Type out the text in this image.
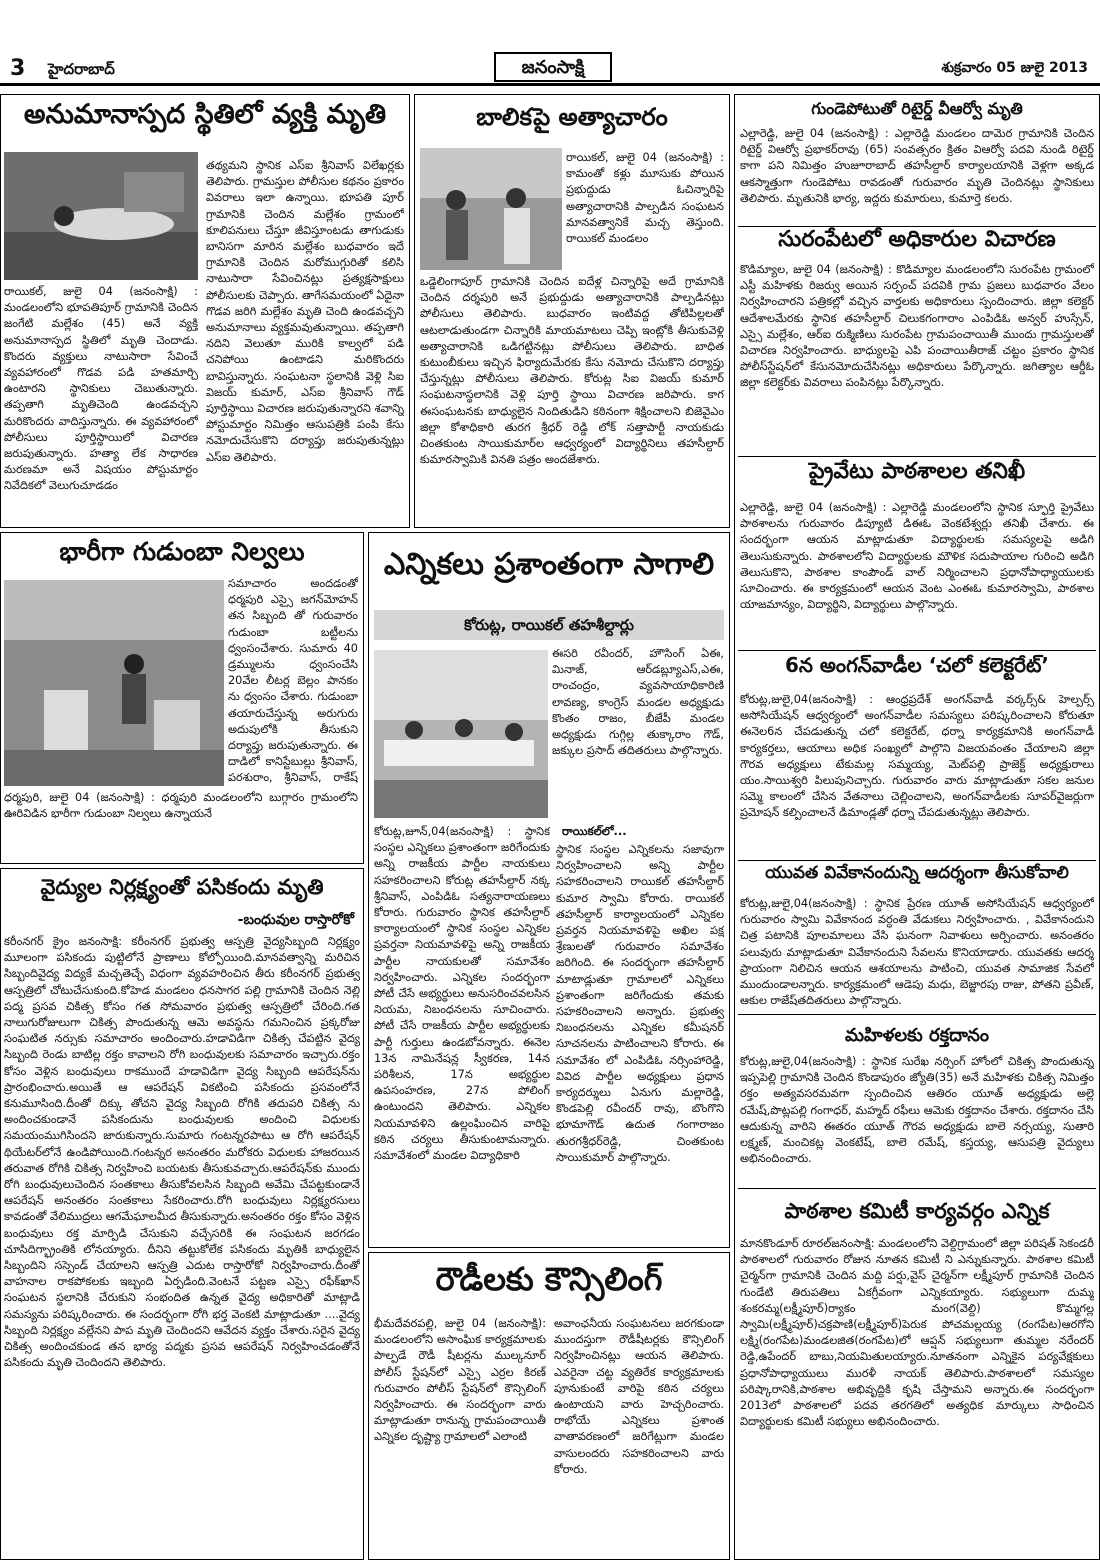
3 హైదరాబాద్	జనంసాక్షి	శుక్రవారం 05 జులై 2013
అనుమానాస్పద స్థితిలో వ్యక్తి మృతి
రాయికల్, జులై 04 (జనంసాక్షి) : మండలంలోని భూపతిపూర్ గ్రామానికి చెందిన జంగేటి మల్లేశం (45) అనే వ్యక్తి అనుమానాస్పద స్థితిలో మృతి చెందాడు. కొందరు వ్యక్తులు నాటుసారా సేవించే వ్యవహారంలో గొడవ పడి హతమార్చి ఉంటారని స్థానికులు చెబుతున్నారు. తప్పతాగి మృతిచెంది ఉండవచ్చని మరికొందరు వాదిస్తున్నారు. ఈ వ్యవహారంలో పోలీసులు పూర్తిస్థాయిలో విచారణ జరుపుతున్నారు. హత్యా లేక సాధారణ మరణమా అనే విషయం పోస్టుమార్టం నివేదికలో వెలుగుచూడడం
తథ్యమని స్థానిక ఎస్‌ఐ శ్రీనివాస్ విలేఖర్లకు తెలిపారు. గ్రామస్తుల పోలీసుల కథనం ప్రకారం వివరాలు ఇలా ఉన్నాయి. భూపతి పూర్ గ్రామానికి చెందిన మల్లేశం గ్రామంలో కూలిపనులు చేస్తూ జీవిస్తూంటడు తాగుడుకు బానిసగా మారిన మల్లేశం బుధవారం ఇదే గ్రామానికి చెందిన మరోముగ్గురితో కలిసి నాటుసారా సేవించినట్లు ప్రత్యక్షసాక్షులు పోలీసులకు చెప్పారు. తాగేసమయంలో ఏదైనా గొడవ జరిగి మల్లేశం మృతి చెంది ఉండవచ్చని అనుమానాలు వ్యక్తమవుతున్నాయి. తప్పతాగి నదిని వెలుతూ మురికి కాల్వలో పడి చనిపోయి ఉంటాడని మరికొందరు బావిస్తున్నారు. సంఘటనా స్థలానికి వెళ్లి సిఐ విజయ్ కుమార్, ఎస్‌ఐ శ్రీనివాస్ గౌడ్ పూర్తిస్థాయి విచారణ జరుపుతున్నారని శవాన్ని పోస్టుమార్టం నిమిత్తం ఆసుపత్రికి పంపి కేసు నమోదుచేసుకొని దర్యాప్తు జరుపుతున్నట్లు ఎస్‌ఐ తెలిపారు.
బాలికపై అత్యాచారం
రాయికల్, జులై 04 (జనంసాక్షి) : కామంతో కళ్లు మూసుకు పోయిన ప్రభుద్దుడు ఓచిన్నారిపై అత్యాచారానికి పాల్పడిన సంఘటన మానవత్వానికే మచ్చ తెస్తుంది. రాయికల్ మండలం
ఒడ్డెలింగాపూర్ గ్రామానికి చెందిన ఐదేళ్ల చిన్నారిపై అదే గ్రామానికి చెందిన దర్శపురి అనే ప్రభుద్దుడు అత్యాచారానికి పాల్పడినట్లు పోలీసులు తెలిపారు. బుధవారం ఇంటివద్ద తోటిపిల్లలతో ఆటలాడుతుండగా చిన్నారికి మాయమాటలు చెప్పి ఇంట్లోకి తీసుకువెళ్లి అత్యాచారానికి ఒడిగట్టినట్లు పోలీసులు తెలిపారు. బాధిత కుటుంబీకులు ఇచ్చిన ఫిర్యాదుమేరకు కేసు నమోదు చేసుకొని దర్యాప్తు చేస్తున్నట్లు పోలీసులు తెలిపారు. కోరుట్ల సిఐ విజయ్ కుమార్ సంఘటనాస్థలానికి వెళ్లి పూర్తి స్థాయి విచారణ జరిపారు. కాగ ఈసంఘటనకు బాధ్యులైన నిందితుడిని కఠినంగా శిక్షించాలని బిజెవైఎం జిల్లా కోశాధికారి తురగ శ్రీధర్ రెడ్డి లోక్ సత్తాపార్టీ నాయకుడు చింతకుంట సాయికుమార్‌ల ఆధ్వర్యంలో విద్యార్థినిలు తహసీల్దార్ కుమారస్వామికి వినతి పత్రం అందజేశారు.
గుండెపోటుతో రిటైర్డ్ వీఆర్వో మృతి
ఎల్లారెడ్డి, జులై 04 (జనంసాక్షి) : ఎల్లారెడ్డి మండలం దామెర గ్రామానికి చెందిన రిటైర్డ్ విఆర్వో ప్రభాకర్‌రావు (65) సంవత్సరం క్రితం విఆర్వో పదవి నుండి రిటైర్డ్ కాగా పని నిమిత్తం హుజూరాబాద్ తహసీల్దార్ కార్యాలయానికి వెళ్లగా అక్కడ ఆకస్మాత్తుగా గుండెపోటు రావడంతో గురువారం మృతి చెందినట్లు స్థానికులు తెలిపారు. మృతునికి భార్య, ఇద్దరు కుమారులు, కుమార్తె కలరు.
సురంపేటలో అధికారుల విచారణ
కొడిమ్యాల, జులై 04 (జనంసాక్షి) : కొడిమ్యాల మండలంలోని సురంపేట గ్రామంలో ఎస్టీ మహిళకు రిజర్వు అయిన సర్పంచ్ పదవికి గ్రామ ప్రజలు బుధవారం వేలం నిర్వహించారని పత్రికల్లో వచ్చిన వార్తలకు అధికారులు స్పందించారు. జిల్లా కలెక్టర్ ఆదేశాలమేరకు స్థానిక తహసీల్దార్ చిలుకగంగారాం ఎంపిడిఓ అన్వర్ హుస్సేన్, ఎస్సై మల్లేశం, ఆర్ఐ రుక్మిణిలు సురంపేట గ్రామపంచాయితీ ముందు గ్రామస్తులతో విచారణ నిర్వహించారు. బాధ్యులపై ఎపి పంచాయితీరాజ్ చట్టం ప్రకారం స్థానిక పోలీస్‌స్టేషన్‌లో కేసునమోదుచేసినట్లు అధికారులు పేర్కొన్నారు. జగిత్యాల ఆర్డీఓ జిల్లా కలెక్టర్‌కు వివరాలు పంపినట్లు పేర్కొన్నారు.
ప్రైవేటు పాఠశాలల తనిఖీ
ఎల్లారెడ్డి, జులై 04 (జనంసాక్షి) : ఎల్లారెడ్డి మండలంలోని స్థానిక స్ఫూర్తి ప్రైవేటు పాఠశాలను గురువారం డిప్యూటి డిఈఓ వెంకటేశ్వర్లు తనిఖీ చేశారు. ఈ సందర్భంగా ఆయన మాట్లాడుతూ విద్యార్థులకు సమస్యలపై అడిగి తెలుసుకున్నారు. పాఠశాలలోని విద్యార్థులకు మౌళిక సదుపాయాల గురించి అడిగి తెలుసుకొని, పాఠశాల కాంపౌండ్ వాల్ నిర్మించాలని ప్రధానోపాధ్యాయులకు సూచించారు. ఈ కార్యక్రమంలో ఆయన వెంట ఎంఈఓ కుమారస్వామి, పాఠశాల యాజమాన్యం, విద్యార్థిని, విద్యార్థులు పాల్గొన్నారు.
6న అంగన్‌వాడీల ‘చలో కలెక్టరేట్’
కోరుట్ల,జులై,04(జనంసాక్షి) : ఆంధ్రప్రదేశ్ అంగన్‌వాడీ వర్కర్స్& హెల్పర్స్ అసోసియేషన్ ఆధ్వర్యంలో అంగన్‌వాడీల సమస్యలు పరిష్కరించాలని కోరుతూ ఈనెల6న చేపడుతున్న చలో కలెక్టరేట్, ధర్నా కార్యక్రమానికి అంగన్‌వాడీ కార్యకర్తలు, ఆయాలు అధిక సంఖ్యలో పాల్గొని విజయవంతం చేయాలని జిల్లా గౌరవ అధ్యక్షులు టేకుమల్ల సమ్మయ్య, మెట్‌పల్లి ప్రాజెక్ట్ అధ్యక్షురాలు యం.సాయిశ్వరి పిలుపునిచ్చారు. గురువారం వారు మాట్లాడుతూ సకల జనుల సమ్మె కాలంలో చేసిన వేతనాలు చెల్లించాలని, అంగన్‌వాడీలకు సూపర్‌వైజర్లుగా ప్రమోషన్ కల్పించాలనే డిమాండ్లతో ధర్నా చేపడుతున్నట్లు తెలిపారు.
యువత వివేకానందున్ని ఆదర్శంగా తీసుకోవాలి
కోరుట్ల,జులై,04(జనంసాక్షి) : స్థానిక ప్రేరణ యూత్ అసోసియేషన్ ఆధ్వర్యంలో గురువారం స్వామి వివేకానంద వర్ధంతి వేడుకలు నిర్వహించారు. , వివేకానందుని చిత్ర పటానికి పూలమాలలు వేసి ఘనంగా నివాళులు అర్పించారు. అనంతరం పలువురు మాట్లాడుతూ వివేకానందుని సేవలను కొనియాడారు. యువతకు ఆదర్శ ప్రాయంగా నిలిచిన ఆయన ఆశయాలను పాటించి, యువత సామాజిక సేవలో ముందుండాలన్నారు. కార్యక్రమంలో ఆడెపు మధు, బెజ్జారపు రాజు, పోతని ప్రవీణ్, ఆకుల రాజేష్‌తదితరులు పాల్గొన్నారు.
మహిళలకు రక్తదానం
కోరుట్ల,జులై,04(జనంసాక్షి) : స్థానిక సురేఖ నర్సింగ్ హోంలో చికిత్స పొందుతున్న ఇప్పపెల్లి గ్రామానికి చెందిన కొండాపురం జ్యోతి(35) అనే మహిళకు చికిత్స నిమిత్తం రక్తం అత్యవసరమవగా స్పందించిన ఆతిరం యూత్ అధ్యక్షుడు అల్లె రమేష్,పొట్లపల్లి గంగాధర్, మహ్మద్ రఫీలు ఆమెకు రక్తదానం చేశారు. రక్తదానం చేసి ఆదుకున్న వారిని ఈతరం యూత్ గౌరవ అధ్యక్షుడు బాలె నర్సయ్య, సుతారి లక్ష్మణ్, మంచికట్ల వెంకటేష్, బాలె రమేష్, కస్తయ్య, ఆసుపత్రి వైద్యులు అభినందించారు.
పాఠశాల కమిటీ కార్యవర్గం ఎన్నిక
మానకొండూర్ రూరల్‌జనంసాక్షి: మండలంలోని వెల్దిగ్రామంలో జిల్లా పరిషత్ సెకండరీ పాఠశాలలో గురువారం రోజున నూతన కమిటీ ని ఎన్నుకున్నారు. పాఠశాల కమిటీ చైర్మన్‌గా గ్రామానికి చెందిన మద్ది పర్షు,వైస్ చైర్మన్‌గా లక్ష్మీపూర్ గ్రామానికి చెందిన గుండేటి తిరుపతిలు ఏకగ్రీవంగా ఎన్నికయ్యారు. సభ్యులుగా దుమ్మ శంకరమ్మ(లక్ష్మీపూర్)ర్యాకం మంగ(వెల్ది) కొమ్మగల్ల స్వామి(లక్ష్మీపూర్)చక్రపాణి(లక్ష్మీపూర్)పెరుక పోచమల్లయ్య (రంగపేట)ఆరగోని లక్ష్మి(రంగపేట)మండలజిత(రంగపేట)లో ఆప్షన్ సభ్యులుగా తుమ్మల నరేందర్ రెడ్డి,ఉపేందర్ బాబు,నియమితులయ్యారు.నూతనంగా ఎన్నికైన పర్యవేక్షకులు ప్రధానోపాధ్యాయులు మురళీ నాయక్ తెలిపారు.పాఠశాలలో సమస్యల పరిష్కారానికి,పాఠశాల అభివృద్దికి కృషి చేస్తామని అన్నారు.ఈ సందర్భంగా 2013లో పాఠశాలలో పదవ తరగతిలో అత్యధిక మార్కులు సాధించిన విద్యార్థులకు కమిటీ సభ్యులు అభినందించారు.
భారీగా గుడుంబా నిల్వలు
సమాచారం అందడంతో ధర్మపురి ఎస్సై జగన్‌మోహన్ తన సిబ్బంది తో గురువారం గుడుంబా బట్టీలను ధ్వంసంచేశారు. సుమారు 40 డ్రమ్ములను ధ్వంసంచేసి 20వేల లీటర్ల బెల్లం పానకం ను ధ్వంసం చేశారు. గుడుంబా తయారుచేస్తున్న అరుగురు అదుపులోకి తీసుకుని దర్యాప్తు జరుపుతున్నారు. ఈ దాడిలో కానిస్టేబుల్లు శ్రీనివాస్, పరశురాం, శ్రీనివాస్, రాకేష్
ధర్మపురి, జులై 04 (జనంసాక్షి) : ధర్మపురి మండలంలోని బుగ్గారం గ్రామంలోని ఊరివిడిన భారీగా గుడుంబా నిల్వలు ఉన్నాయనే
వైద్యుల నిర్లక్ష్యంతో పసికందు మృతి
-బంధువుల రాస్తారోకో
కరీంనగర్ క్రైం జనంసాక్షి: కరీంనగర్ ప్రభుత్వ ఆస్పత్రి వైద్యసిబ్బంది నిర్లక్ష్యం మూలంగా పసికందు పుట్టిలోనే ప్రాణాలు కోల్పోయింది.మానవత్వాన్ని మరిచిన సిబ్బందివైద్య విద్యకే మచ్చతెచ్చే విధంగా వ్యవహరించిన తీరు కరీంనగర్ ప్రభుత్వ ఆస్పత్రిలో చోటుచేసుకుంది.కోహెడ మండలం ధనసాగర పల్లి గ్రామానికి చెందిన నెల్లి పద్మ ప్రసవ చికిత్స కోసం గత సోమవారం ప్రభుత్వ ఆస్పత్రిలో చేరింది.గత నాలుగురోజులుగా చికిత్స పొందుతున్న ఆమె అవస్థను గమనించిన ప్రక్కరోజు సంఘటిత నర్సుకు సమాచారం అందించారు.హడావిడిగా చికిత్స చేపట్టిన వైద్య సిబ్బంది రెండు బాటిల్ల రక్తం కావాలని రోగి బంధువులకు సమాచారం ఇచ్చారు.రక్తం కోసం వెళ్లిన బంధువులు రాకముందే హడావిడిగా వైద్య సిబ్బంది ఆపరేషన్‌ను ప్రారంభించారు.అయితే ఆ ఆపరేషన్ వికటించి పసికందు ప్రసవంలోనే కనుమూసింది.దీంతో దిక్కు తోచని వైద్య సిబ్బంది రోగికి తదుపరి చికిత్స ను అందించకుండానే పసికందును బంధువులకు అందించి విధులకు సమయంముగిసిందని జారుకున్నారు.సుమారు గంటన్నరపాటు ఆ రోగి ఆపరేషన్ థియేటర్‌లోనే ఉండిపోయింది.గంటన్నర అనంతరం మరోకరు విధులకు హాజరయిన తరువాత రోగికి చికిత్స నిర్వహించి బయటకు తీసుకువచ్చారు.ఆపరేషన్‌కు ముందు రోగి బంధువులుచెందిన సంతకాలు తీసుకోవలసిన సిబ్బంది అవేమి చేపట్టకుండానే ఆపరేషన్ అనంతరం సంతకాలు సేకరించారు.రోగి బంధువులు నిర్లక్ష్యరసులు కావడంతో వేలిముద్రలు ఆగమేఘాలమీద తీసుకున్నారు.అనంతరం రక్తం కోసం వెళ్లిన బంధువులు రక్త మార్పిడి చేసుకుని వచ్చేసరికి ఈ సంఘటన జరగడం చూసిదిగ్భ్రాంతికి లోనయ్యారు. దీనిని తట్టుకోలేక పసికందు మృతికి బాధ్యులైన సిబ్బందిని సస్పెండ్ చేయాలని ఆస్పత్రి ఎదుట రాస్తారోకో నిర్వహించారు.దీంతో వాహనాల రాకపోకలకు ఇబ్బంది ఏర్పడింది.వెంటనే పట్టణ ఎస్సై రఫీక్‌ఖాన్ సంఘటన స్థలానికి చేరుకుని సంభందిత ఉన్నత వైద్య అధికారితో మాట్లాడి సమస్యను పరిష్కరించారు. ఈ సందర్భంగా రోగి భర్త వెంకటి మాట్లాడుతూ ....వైద్య సిబ్బంది నిర్లక్ష్యం వల్లేనని పాప మృతి చెందిందని ఆవేదన వ్యక్తం చేశారు.సరైన వైద్య చికిత్స అందించకుండ తన భార్య పద్మకు ప్రసవ ఆపరేషన్ నిర్వహించడంతోనే పసికందు మృతి చెందిందని తెలిపారు.
ఎన్నికలు ప్రశాంతంగా సాగాలి
కోరుట్ల, రాయికల్ తహశీల్దార్లు
ఈసరి రవీందర్, హౌసింగ్ ఏఈ, మినాజ్, ఆర్‌డబ్ల్యూఎస్,ఎఈ, రాంచంద్రం, వ్యవసాయాధికారిణి లావణ్య, కాంగ్రెస్ మండల అధ్యక్షుడు కొంతం రాజం, బీజేపీ మండల అధ్యక్షుడు గుగ్గిల్ల తుక్కారాం గౌడ్, జక్కుల ప్రసాద్ తదితరులు పాల్గొన్నారు.
రాయికల్‌లో...
కోరుట్ల,జూన్,04(జనంసాక్షి) : స్థానిక సంస్థల ఎన్నికలు ప్రశాంతంగా జరిగేందుకు అన్ని రాజకీయ పార్టీల నాయకులు సహకరించాలని కోరుట్ల తహసీల్దార్ నక్క శ్రీనివాస్, ఎంపిడిఓ సత్యనారాయణలు కోరారు. గురువారం స్థానిక తహసీల్దార్ కార్యాలయంలో స్థానిక సంస్థల ఎన్నికల ప్రవర్తనా నియమావళిపై అన్ని రాజకీయ పార్టీల నాయకులతో సమావేశం నిర్వహించారు. ఎన్నికల సందర్భంగా పోటీ చేసే అభ్యర్థులు అనుసరించవలసిన నియమ, నిబంధనలను సూచించారు. పోటీ చేసే రాజకీయ పార్టీల అభ్యర్థులకు పార్టీ గుర్తులు ఉండబోవన్నారు. ఈనెల 13న నామినేషన్ల స్వీకరణ, 14న పరిశీలన, 17న అభ్యర్థుల ఉపసంహరణ, 27న పోలింగ్ ఉంటుందని తెలిపారు. ఎన్నికల నియమావళిని ఉల్లంఘించిన వారిపై కఠిన చర్యలు తీసుకుంటామన్నారు. సమావేశంలో మండల విద్యాధికారి
స్థానిక సంస్థల ఎన్నికలను సజావుగా నిర్వహించాలని అన్ని పార్టీల సహకరించాలని రాయికల్ తహసీల్దార్ కుమార స్వామి కోరారు. రాయికల్ తహసీల్దార్ కార్యాలయంలో ఎన్నికల ప్రవర్తన నియమావళిపై అఖిల పక్ష శ్రేణులతో గురువారం సమావేశం జరిగింది. ఈ సందర్భంగా తహసీల్దార్ మాటాడ్లుతూ గ్రామాలలో ఎన్నికలు ప్రశాంతంగా జరిగేందుకు తమకు సహకరించాలని అన్నారు. ప్రభుత్వ నిబంధనలను ఎన్నికల కమీషనర్ సూచనలను పాటించాలని కోరారు. ఈ సమావేశం లో ఎంపిడిఓ నర్సింహారెడ్డి, వివిద పార్టీల అధ్యక్షులు ప్రధాన కార్యదర్శులు ఏనుగు మల్లారెడ్డి, కొండపెల్లి రవీందర్ రావు, బొంగొని భూమాగౌడ్ ఉదుత గంగారాజం తురగశ్రీధర్‌రెడ్డి, చింతకుంట సాయికుమార్ పాల్గొన్నారు.
రౌడీలకు కౌన్సిలింగ్
భీమదేవరపల్లి, జులై 04 (జనంసాక్షి): మండలంలోని అసాంఘిక కార్యక్రమాలకు పాల్పడే రౌడీ షీటర్లను ముల్కనూర్ పోలీస్ స్టేషన్‌లో ఎస్సై ఎర్రల కిరణ్ గురువారం పోలీస్ స్టేషన్‌లో కౌన్సిలింగ్ నిర్వహించారు. ఈ సందర్భంగా వారు మాట్లాడుతూ రానున్న గ్రామపంచాయితీ ఎన్నికల దృష్ట్యా గ్రామాలలో ఎలాంటి
అవాంఛనీయ సంఘటనలు జరగకుండా ముందస్తుగా రౌడీషీటర్లకు కౌన్సిలింగ్ నిర్వహించినట్లు ఆయన తెలిపారు. ఎవరైనా చట్ట వ్యతిరేక కార్యక్రమాలకు పూనుకుంటే వారిపై కఠిన చర్యలు ఉంటాయని వారు హెచ్చరించారు. రాభోయే ఎన్నికలు ప్రశాంత వాతావరణంలో జరిగేట్లుగా మండల వాసులందరు సహకరించాలని వారు కోరారు.
